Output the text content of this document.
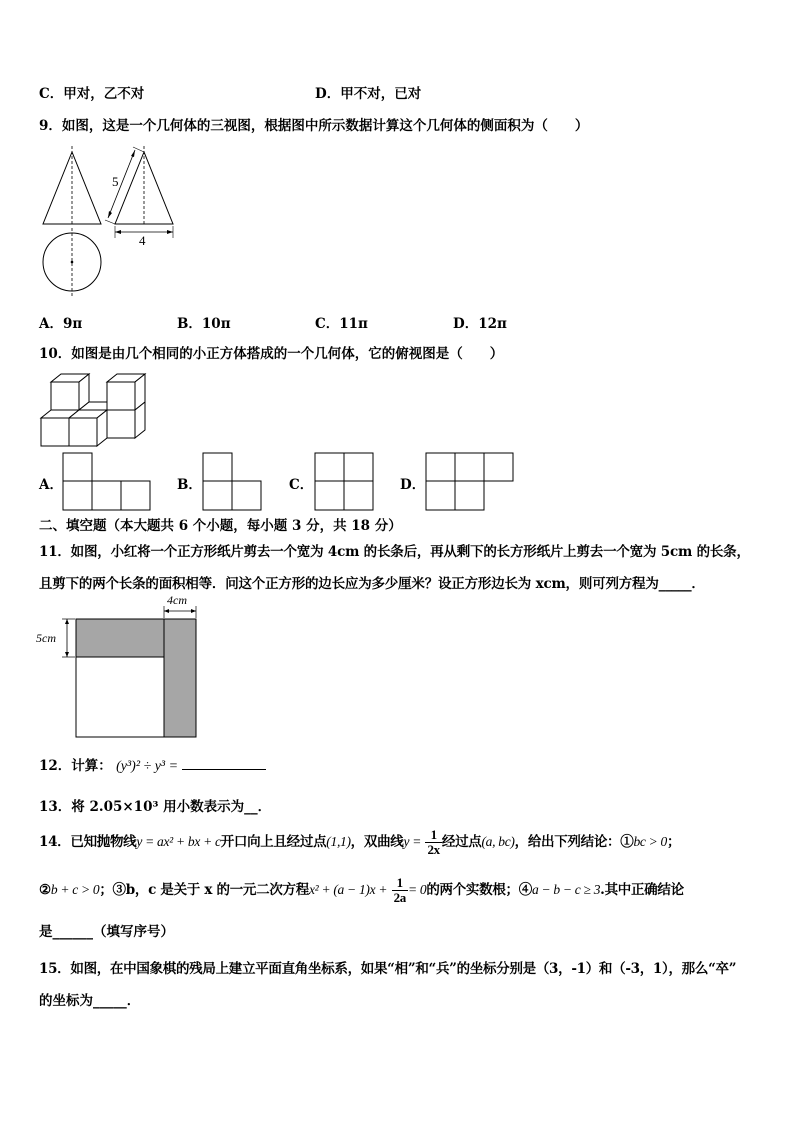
C．甲对，乙不对	D．甲不对，已对
9．如图，这是一个几何体的三视图，根据图中所示数据计算这个几何体的侧面积为（　　）
5
4
A．9π	B．10π	C．11π	D．12π
10．如图是由几个相同的小正方体搭成的一个几何体，它的俯视图是（　　）
A．	B．	C．	D．
二、填空题（本大题共 6 个小题，每小题 3 分，共 18 分）
11．如图，小红将一个正方形纸片剪去一个宽为 4cm 的长条后，再从剩下的长方形纸片上剪去一个宽为 5cm 的长条，
且剪下的两个长条的面积相等．问这个正方形的边长应为多少厘米？设正方形边长为 xcm，则可列方程为_____．
4cm
5cm
12．计算： (y³)² ÷ y³ =
13．将 2.05×10³ 用小数表示为__．
14．已知抛物线y = ax² + bx + c开口向上且经过点(1,1)，双曲线$y = \frac{1}{2x}$ 经过点(a, bc)，给出下列结论：①bc > 0；
②b + c > 0；③b，c 是关于 x 的一元二次方程$x^2 + (a - 1)x + \frac{1}{2a} = 0$的两个实数根；④a − b − c ≥ 3.其中正确结论
是______（填写序号）
15．如图，在中国象棋的残局上建立平面直角坐标系，如果“相”和“兵”的坐标分别是（3，-1）和（-3，1），那么“卒”
的坐标为_____．
